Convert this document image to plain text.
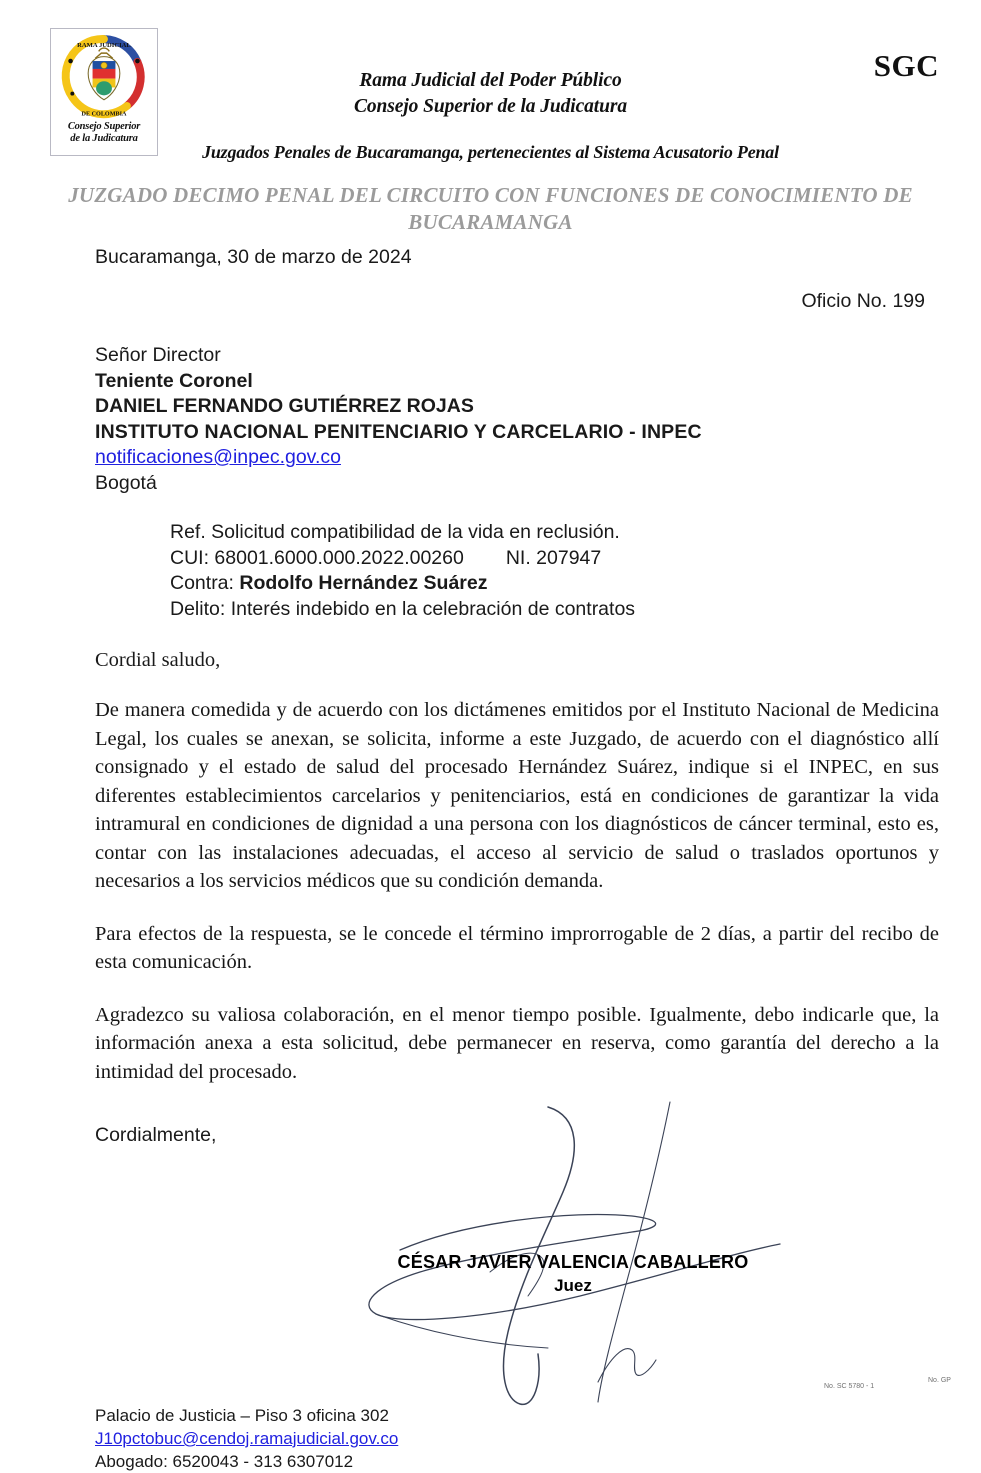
RAMA JUDICIAL
DE COLOMBIA
Consejo Superior
de la Judicatura
SGC
Rama Judicial del Poder Público
Consejo Superior de la Judicatura
Juzgados Penales de Bucaramanga, pertenecientes al Sistema Acusatorio Penal
JUZGADO DECIMO PENAL DEL CIRCUITO CON FUNCIONES DE CONOCIMIENTO DE BUCARAMANGA
Bucaramanga, 30 de marzo de 2024
Oficio No. 199
Señor Director
Teniente Coronel
DANIEL FERNANDO GUTIÉRREZ ROJAS
INSTITUTO NACIONAL PENITENCIARIO Y CARCELARIO - INPEC
notificaciones@inpec.gov.co
Bogotá
Ref. Solicitud compatibilidad de la vida en reclusión.
CUI: 68001.6000.000.2022.00260 NI. 207947
Contra: Rodolfo Hernández Suárez
Delito: Interés indebido en la celebración de contratos
Cordial saludo,
De manera comedida y de acuerdo con los dictámenes emitidos por el Instituto Nacional de Medicina Legal, los cuales se anexan, se solicita, informe a este Juzgado, de acuerdo con el diagnóstico allí consignado y el estado de salud del procesado Hernández Suárez, indique si el INPEC, en sus diferentes establecimientos carcelarios y penitenciarios, está en condiciones de garantizar la vida intramural en condiciones de dignidad a una persona con los diagnósticos de cáncer terminal, esto es, contar con las instalaciones adecuadas, el acceso al servicio de salud o traslados oportunos y necesarios a los servicios médicos que su condición demanda.
Para efectos de la respuesta, se le concede el término improrrogable de 2 días, a partir del recibo de esta comunicación.
Agradezco su valiosa colaboración, en el menor tiempo posible. Igualmente, debo indicarle que, la información anexa a esta solicitud, debe permanecer en reserva, como garantía del derecho a la intimidad del procesado.
Cordialmente,
CÉSAR JAVIER VALENCIA CABALLERO
Juez
Palacio de Justicia – Piso 3 oficina 302
J10pctobuc@cendoj.ramajudicial.gov.co
Abogado: 6520043 - 313 6307012
No. SC 5780 - 1
No. GP
